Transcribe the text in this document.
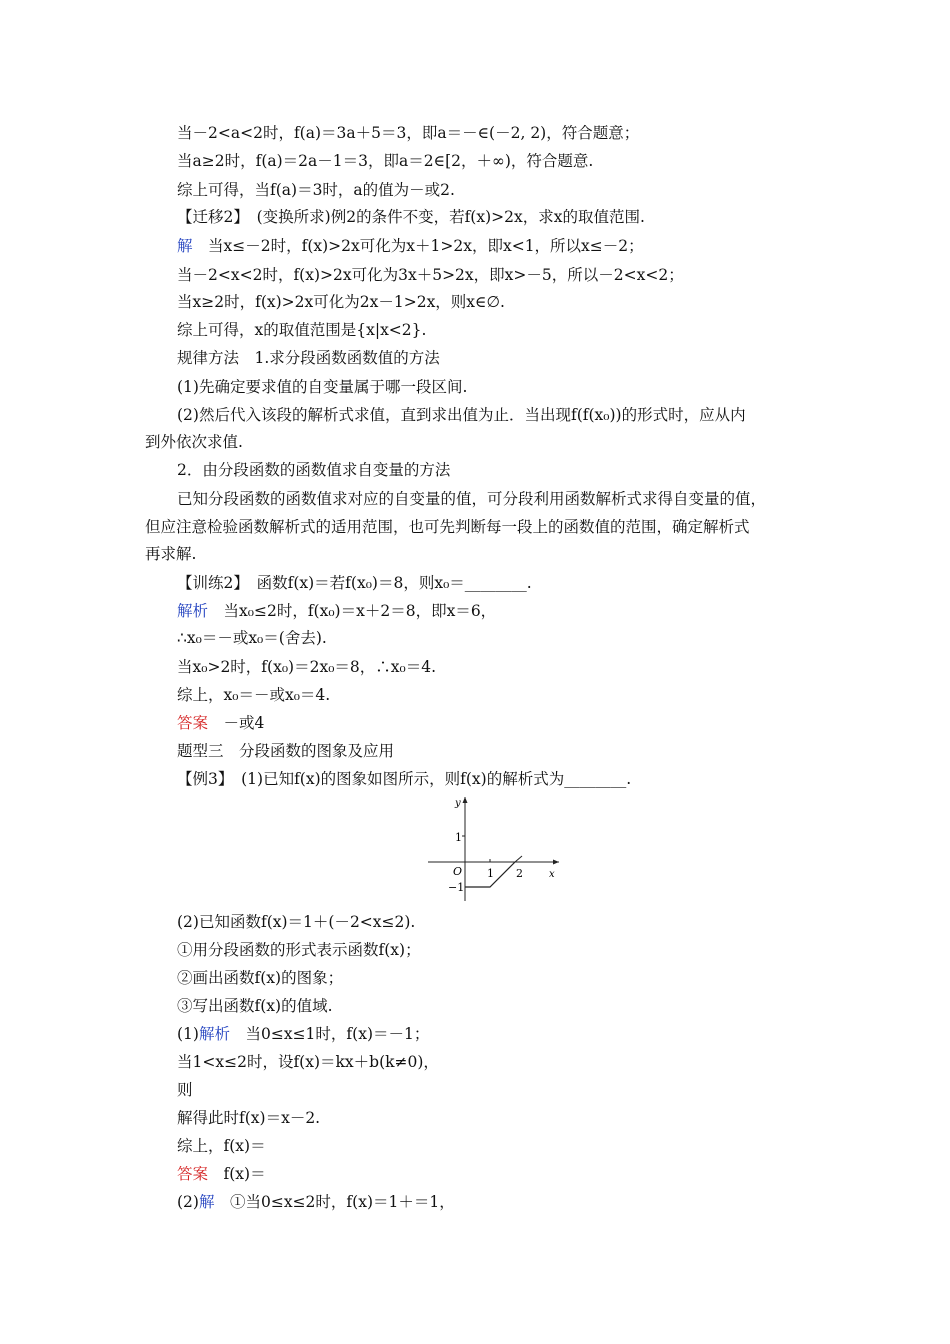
当－2<a<2时，f(a)＝3a＋5＝3，即a＝－∈(－2, 2)，符合题意；
当a≥2时，f(a)＝2a－1＝3，即a＝2∈[2，＋∞)，符合题意.
综上可得，当f(a)＝3时，a的值为－或2.
【迁移2】　(变换所求)例2的条件不变，若f(x)>2x，求x的取值范围.
解　当x≤－2时，f(x)>2x可化为x＋1>2x，即x<1，所以x≤－2；
当－2<x<2时，f(x)>2x可化为3x＋5>2x，即x>－5，所以－2<x<2；
当x≥2时，f(x)>2x可化为2x－1>2x，则x∈∅.
综上可得，x的取值范围是{x|x<2}.
规律方法　1.求分段函数函数值的方法
(1)先确定要求值的自变量属于哪一段区间.
(2)然后代入该段的解析式求值，直到求出值为止．当出现f(f(x₀))的形式时，应从内
到外依次求值.
2．由分段函数的函数值求自变量的方法
已知分段函数的函数值求对应的自变量的值，可分段利用函数解析式求得自变量的值，
但应注意检验函数解析式的适用范围，也可先判断每一段上的函数值的范围，确定解析式
再求解.
【训练2】　函数f(x)＝若f(x₀)＝8，则x₀＝________.
解析　当x₀≤2时，f(x₀)＝x＋2＝8，即x＝6，
∴x₀＝－或x₀＝(舍去).
当x₀>2时，f(x₀)＝2x₀＝8，∴x₀＝4.
综上，x₀＝－或x₀＝4.
答案　－或4
题型三　分段函数的图象及应用
【例3】　(1)已知f(x)的图象如图所示，则f(x)的解析式为________.
y
x
O
1
−1
1 2
(2)已知函数f(x)＝1＋(－2<x≤2).
①用分段函数的形式表示函数f(x)；
②画出函数f(x)的图象；
③写出函数f(x)的值域.
(1)解析　当0≤x≤1时，f(x)＝－1；
当1<x≤2时，设f(x)＝kx＋b(k≠0)，
则
解得此时f(x)＝x－2.
综上，f(x)＝
答案　f(x)＝
(2)解　①当0≤x≤2时，f(x)＝1＋＝1，
